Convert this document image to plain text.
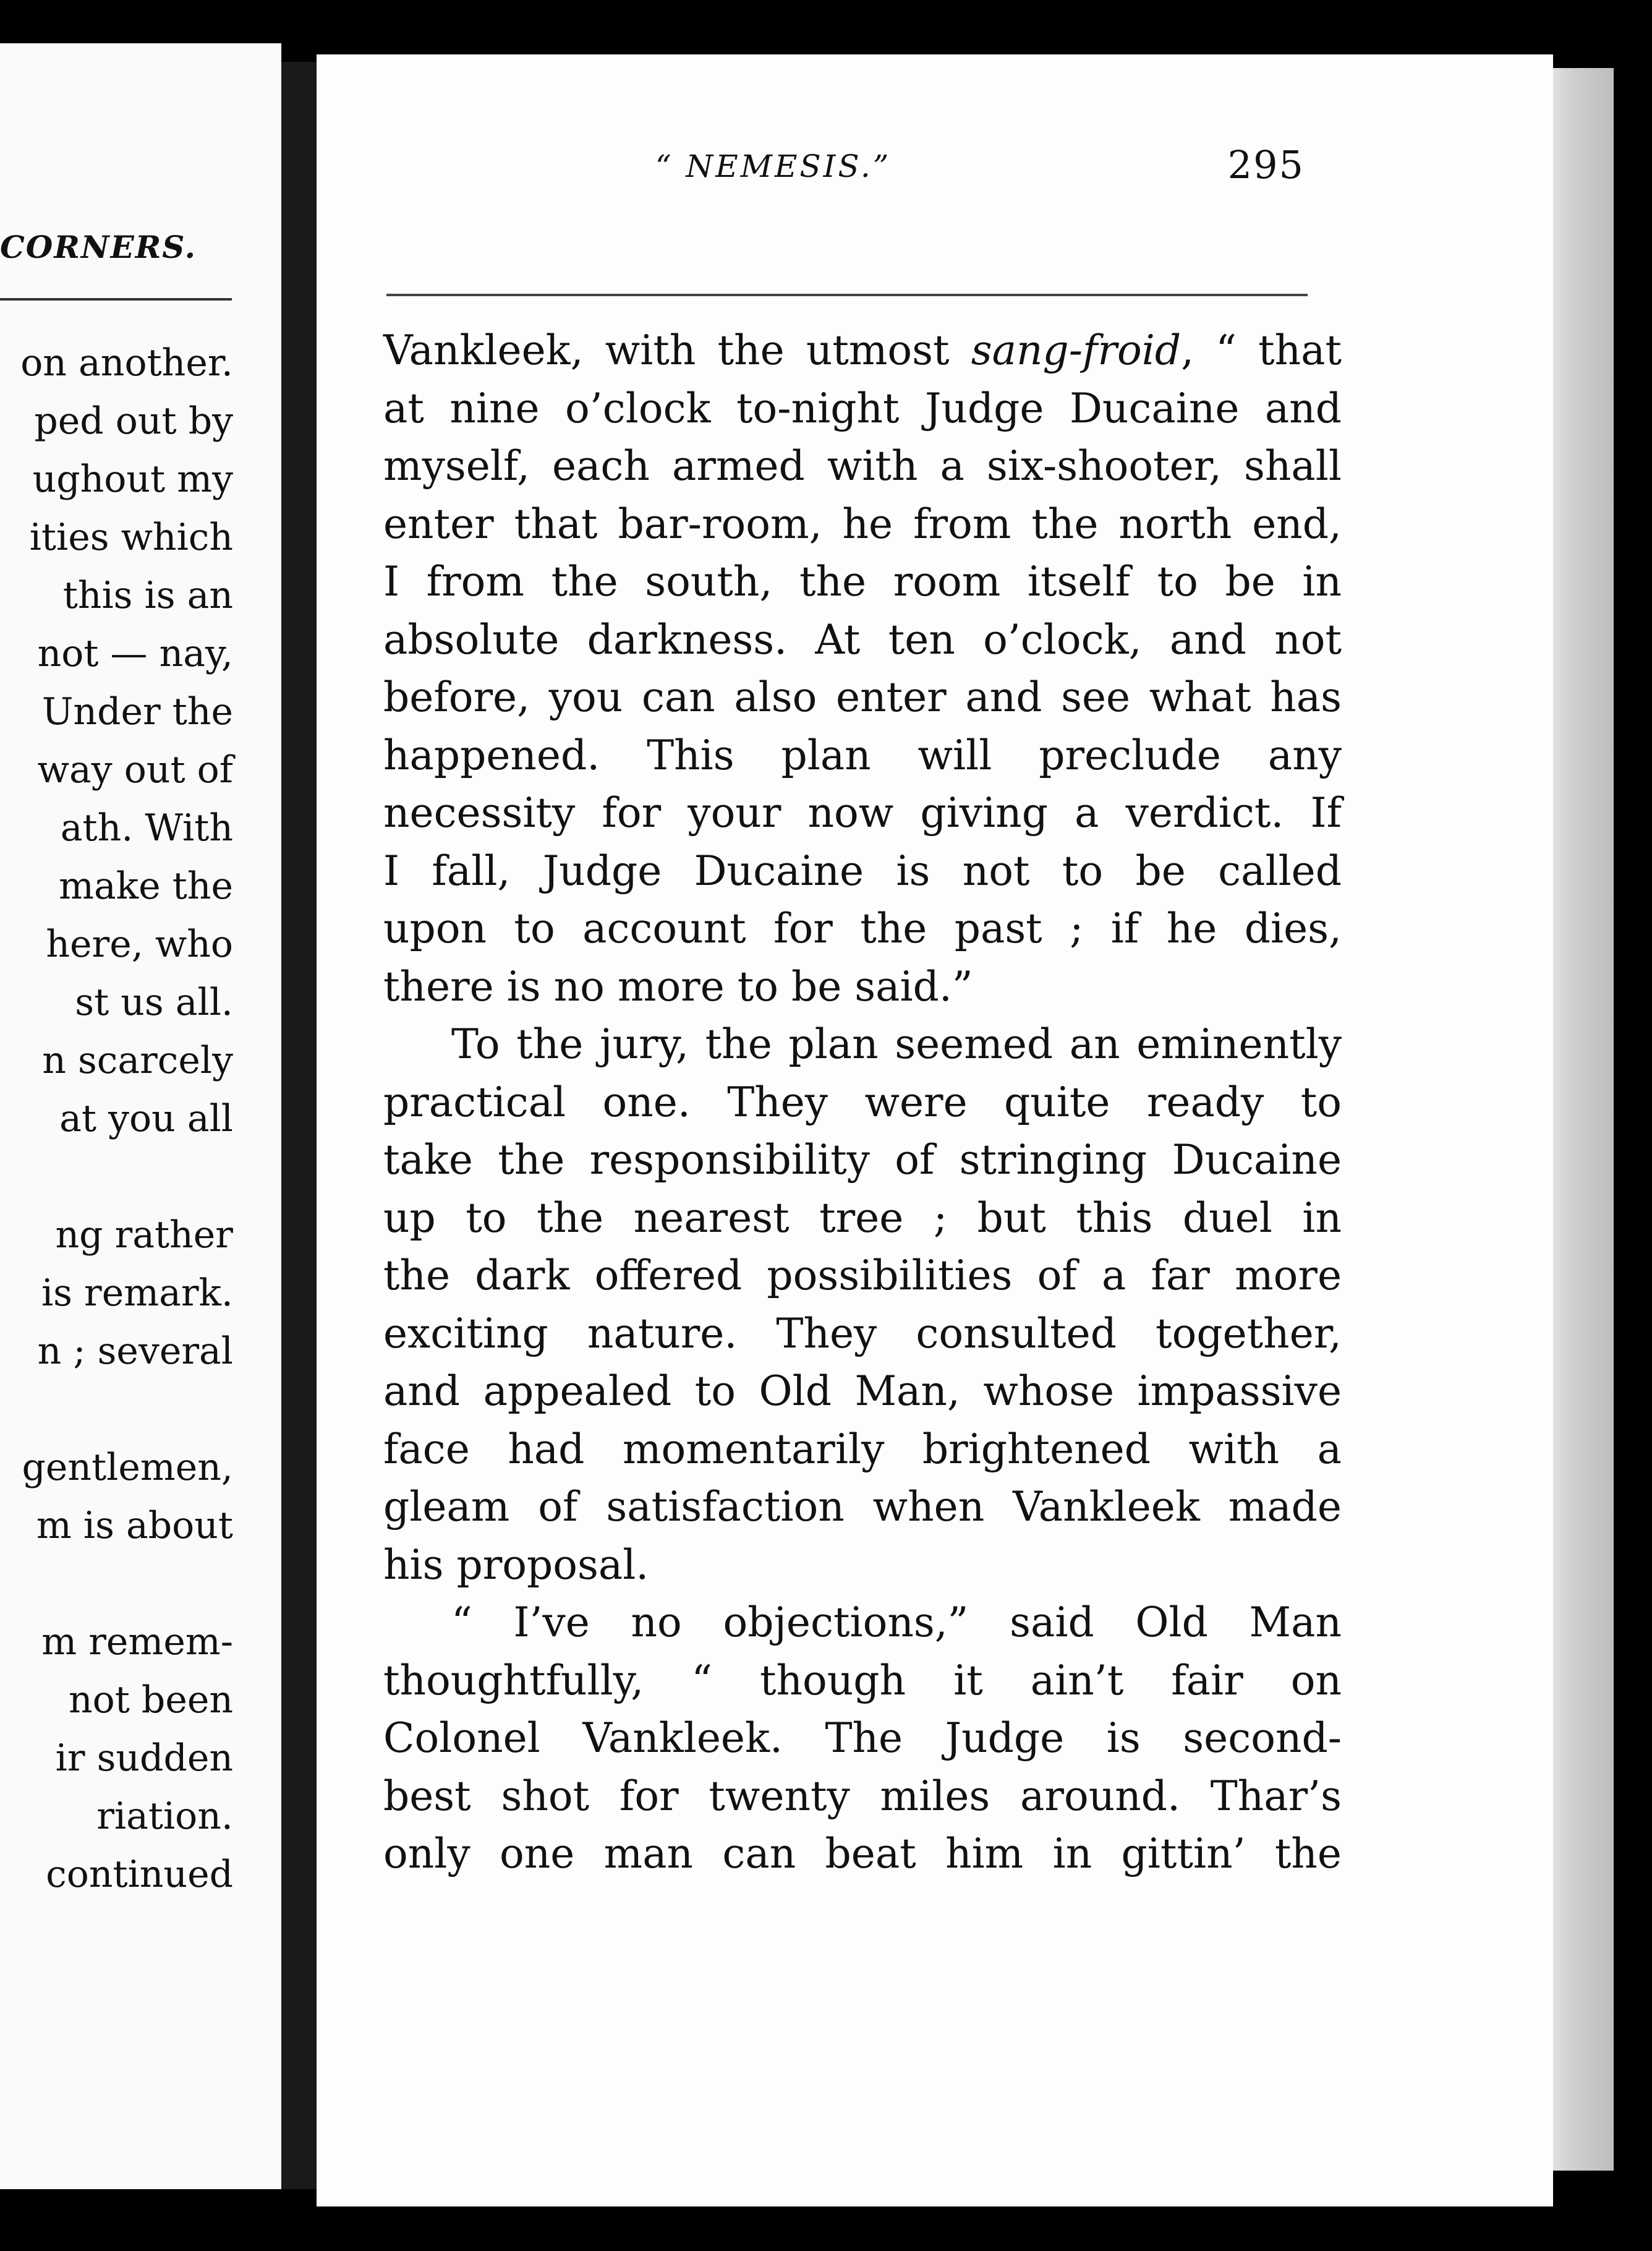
CORNERS.
on another.
ped out by
ughout my
ities which
this is an
not — nay,
Under the
way out of
ath. With
make the
here, who
st us all.
n scarcely
at you all
ng rather
is remark.
n ; several
gentlemen,
m is about
m remem-
not been
ir sudden
riation.
continued
“ NEMESIS.”	295
Vankleek, with the utmost sang-froid, “ that
at nine o’clock to-night Judge Ducaine and
myself, each armed with a six-shooter, shall
enter that bar-room, he from the north end,
I from the south, the room itself to be in
absolute darkness. At ten o’clock, and not
before, you can also enter and see what has
happened. This plan will preclude any
necessity for your now giving a verdict. If
I fall, Judge Ducaine is not to be called
upon to account for the past ; if he dies,
there is no more to be said.”
To the jury, the plan seemed an eminently
practical one. They were quite ready to
take the responsibility of stringing Ducaine
up to the nearest tree ; but this duel in
the dark offered possibilities of a far more
exciting nature. They consulted together,
and appealed to Old Man, whose impassive
face had momentarily brightened with a
gleam of satisfaction when Vankleek made
his proposal.
“ I’ve no objections,” said Old Man
thoughtfully, “ though it ain’t fair on
Colonel Vankleek. The Judge is second-
best shot for twenty miles around. Thar’s
only one man can beat him in gittin’ the
